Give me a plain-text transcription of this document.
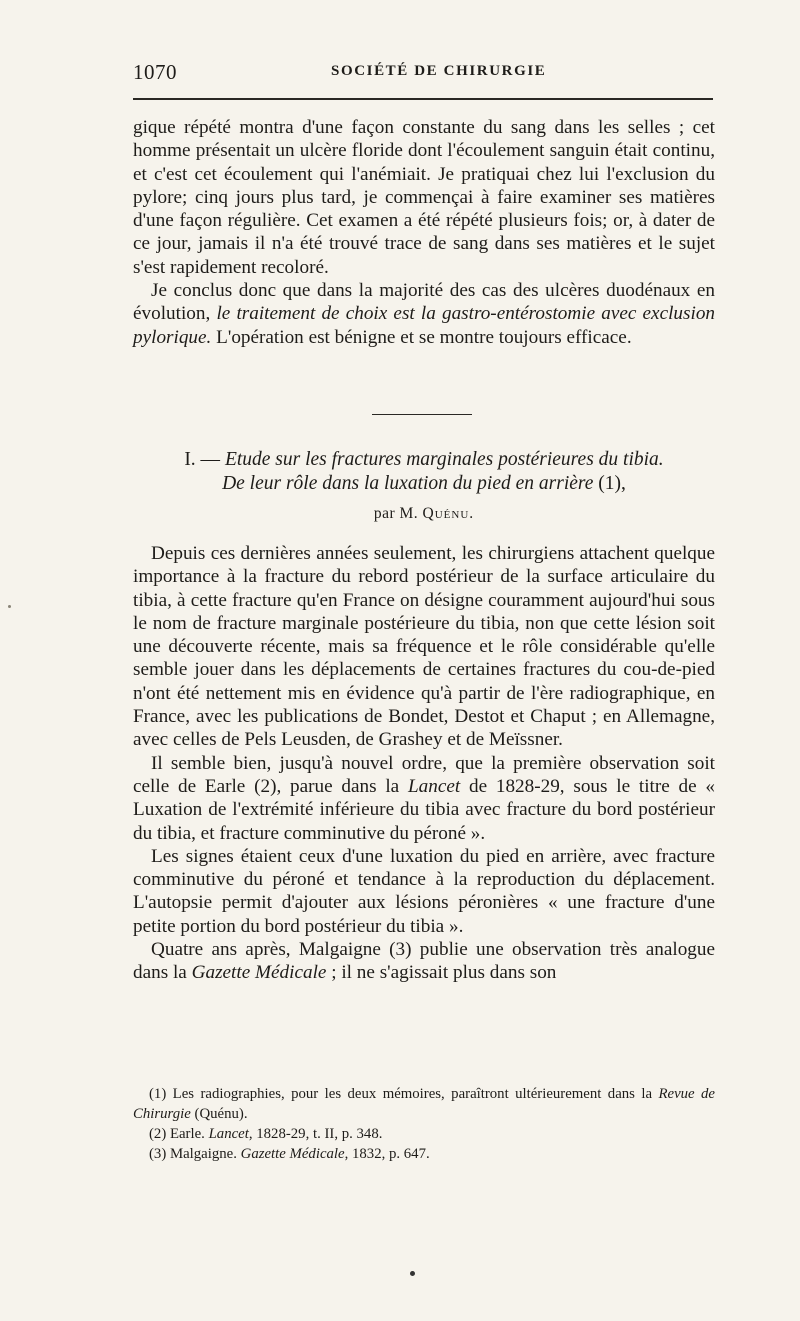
1070	SOCIÉTÉ DE CHIRURGIE

gique répété montra d'une façon constante du sang dans les selles ; cet homme présentait un ulcère floride dont l'écoulement sanguin était continu, et c'est cet écoulement qui l'anémiait. Je pratiquai chez lui l'exclusion du pylore; cinq jours plus tard, je commençai à faire examiner ses matières d'une façon régulière. Cet examen a été répété plusieurs fois; or, à dater de ce jour, jamais il n'a été trouvé trace de sang dans ses matières et le sujet s'est rapidement recoloré.

Je conclus donc que dans la majorité des cas des ulcères duodénaux en évolution, le traitement de choix est la gastro-entérostomie avec exclusion pylorique. L'opération est bénigne et se montre toujours efficace.

I. — Etude sur les fractures marginales postérieures du tibia.
De leur rôle dans la luxation du pied en arrière (1),
par M. Quénu.

Depuis ces dernières années seulement, les chirurgiens attachent quelque importance à la fracture du rebord postérieur de la surface articulaire du tibia, à cette fracture qu'en France on désigne couramment aujourd'hui sous le nom de fracture marginale postérieure du tibia, non que cette lésion soit une découverte récente, mais sa fréquence et le rôle considérable qu'elle semble jouer dans les déplacements de certaines fractures du cou-de-pied n'ont été nettement mis en évidence qu'à partir de l'ère radiographique, en France, avec les publications de Bondet, Destot et Chaput ; en Allemagne, avec celles de Pels Leusden, de Grashey et de Meïssner.

Il semble bien, jusqu'à nouvel ordre, que la première observation soit celle de Earle (2), parue dans la Lancet de 1828-29, sous le titre de « Luxation de l'extrémité inférieure du tibia avec fracture du bord postérieur du tibia, et fracture comminutive du péroné ».

Les signes étaient ceux d'une luxation du pied en arrière, avec fracture comminutive du péroné et tendance à la reproduction du déplacement. L'autopsie permit d'ajouter aux lésions péronières « une fracture d'une petite portion du bord postérieur du tibia ».

Quatre ans après, Malgaigne (3) publie une observation très analogue dans la Gazette Médicale ; il ne s'agissait plus dans son

(1) Les radiographies, pour les deux mémoires, paraîtront ultérieurement dans la Revue de Chirurgie (Quénu).

(2) Earle. Lancet, 1828-29, t. II, p. 348.

(3) Malgaigne. Gazette Médicale, 1832, p. 647.
